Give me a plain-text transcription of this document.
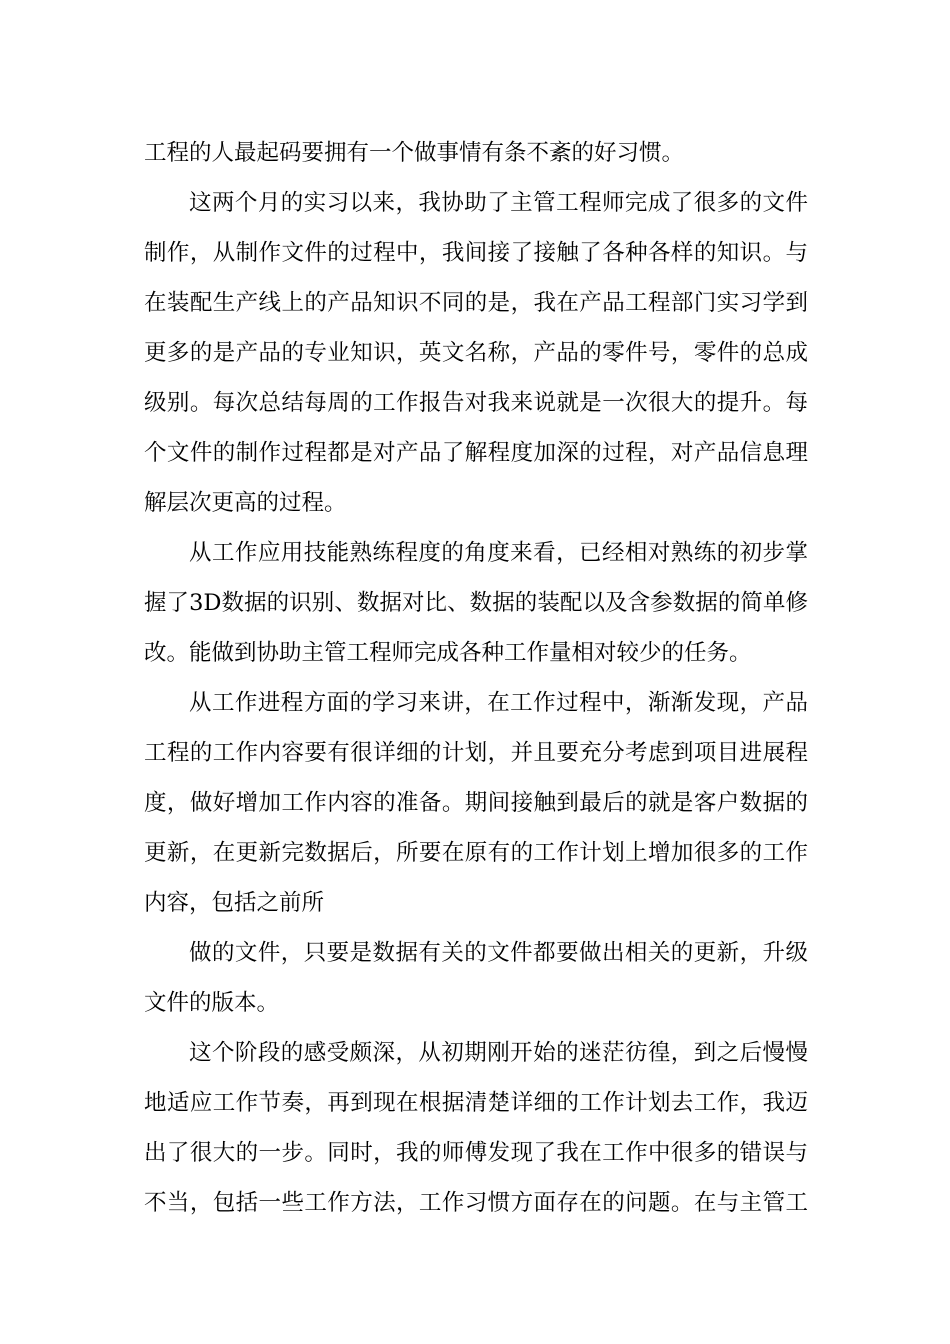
工程的人最起码要拥有一个做事情有条不紊的好习惯。
这两个月的实习以来，我协助了主管工程师完成了很多的文件
制作，从制作文件的过程中，我间接了接触了各种各样的知识。与
在装配生产线上的产品知识不同的是，我在产品工程部门实习学到
更多的是产品的专业知识，英文名称，产品的零件号，零件的总成
级别。每次总结每周的工作报告对我来说就是一次很大的提升。每
个文件的制作过程都是对产品了解程度加深的过程，对产品信息理
解层次更高的过程。
从工作应用技能熟练程度的角度来看，已经相对熟练的初步掌
握了3D数据的识别、数据对比、数据的装配以及含参数据的简单修
改。能做到协助主管工程师完成各种工作量相对较少的任务。
从工作进程方面的学习来讲，在工作过程中，渐渐发现，产品
工程的工作内容要有很详细的计划，并且要充分考虑到项目进展程
度，做好增加工作内容的准备。期间接触到最后的就是客户数据的
更新，在更新完数据后，所要在原有的工作计划上增加很多的工作
内容，包括之前所
做的文件，只要是数据有关的文件都要做出相关的更新，升级
文件的版本。
这个阶段的感受颇深，从初期刚开始的迷茫彷徨，到之后慢慢
地适应工作节奏，再到现在根据清楚详细的工作计划去工作，我迈
出了很大的一步。同时，我的师傅发现了我在工作中很多的错误与
不当，包括一些工作方法，工作习惯方面存在的问题。在与主管工
